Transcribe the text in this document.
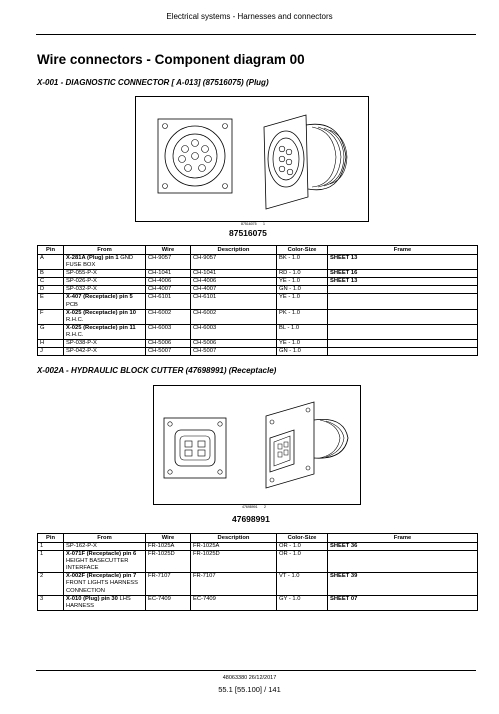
Electrical systems - Harnesses and connectors
Wire connectors - Component diagram 00
X-001 - DIAGNOSTIC CONNECTOR [ A-013] (87516075) (Plug)
87516075 1
87516075
Pin	From	Wire	Description	Color-Size	Frame
A	X-281A (Plug) pin 1 GND FUSE BOX	CH-9057	CH-9057	BK - 1.0	SHEET 13
B	SP-055-P-X	CH-1041	CH-1041	RD - 1.0	SHEET 16
C	SP-026-P-X	CH-4006	CH-4006	YE - 1.0	SHEET 13
D	SP-032-P-X	CH-4007	CH-4007	GN - 1.0	
E	X-407 (Receptacle) pin 5 PCB	CH-6101	CH-6101	YE - 1.0	
F	X-025 (Receptacle) pin 10 R.H.C.	CH-6002	CH-6002	PK - 1.0	
G	X-025 (Receptacle) pin 11 R.H.C.	CH-6003	CH-6003	BL - 1.0	
H	SP-038-P-X	CH-5006	CH-5006	YE - 1.0	
J	SP-042-P-X	CH-5007	CH-5007	GN - 1.0	
X-002A - HYDRAULIC BLOCK CUTTER (47698991) (Receptacle)
47698991 2
47698991
Pin	From	Wire	Description	Color-Size	Frame
1	SP-162-P-X	FR-1025A	FR-1025A	OR - 1.0	SHEET 36
1	X-071F (Receptacle) pin 6 HEIGHT BASECUTTER INTERFACE	FR-1025D	FR-1025D	OR - 1.0	
2	X-002F (Receptacle) pin 7 FRONT LIGHTS HARNESS CONNECTION	FR-7107	FR-7107	VT - 1.0	SHEET 39
3	X-010 (Plug) pin 30 LHS HARNESS	EC-7409	EC-7409	GY - 1.0	SHEET 07
48063380 26/12/2017
55.1 [55.100] / 141
